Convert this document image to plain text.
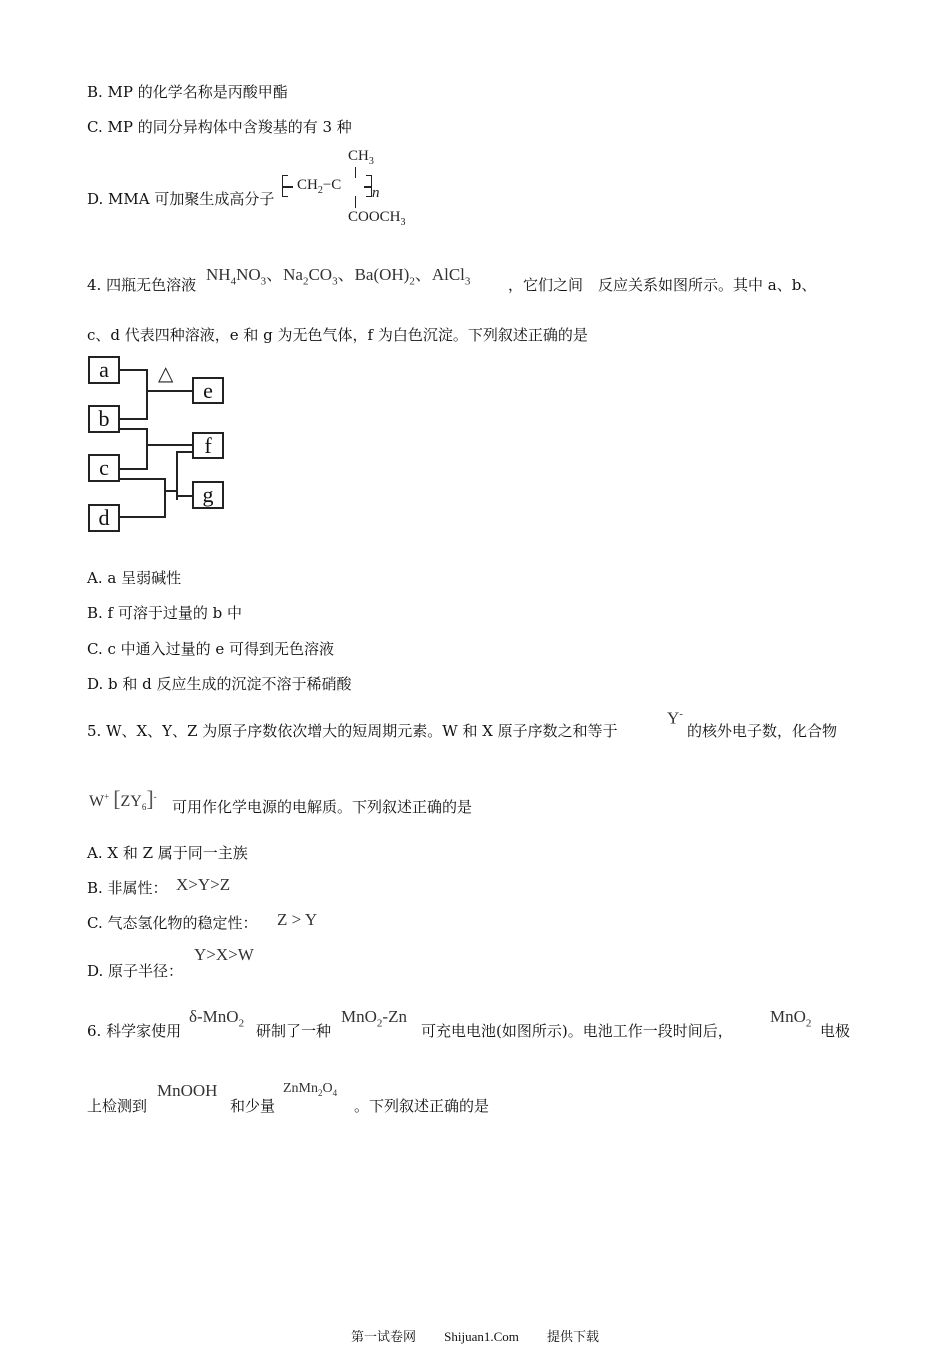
B. MP 的化学名称是丙酸甲酯
C. MP 的同分异构体中含羧基的有 3 种
D. MMA 可加聚生成高分子
$CH_3$
$CH_2-C$ n
$COOCH_3$
4. 四瓶无色溶液
$NH_4NO_3$、$Na_2CO_3$、$Ba(OH)_2$、AlCl$_3$	，它们之间　反应关系如图所示。其中 a、b、
c、d 代表四种溶液，e 和 g 为无色气体，f 为白色沉淀。下列叙述正确的是
a
b
c
d
e
f
g
△
A. a 呈弱碱性
B. f 可溶于过量的 b 中
C. c 中通入过量的 e 可得到无色溶液
D. b 和 d 反应生成的沉淀不溶于稀硝酸
5. W、X、Y、Z 为原子序数依次增大的短周期元素。W 和 X 原子序数之和等于
Y-
的核外电子数，化合物
W+ $[ZY_6]^-$
可用作化学电源的电解质。下列叙述正确的是
A. X 和 Z 属于同一主族
B. 非属性： X>Y>Z
C. 气态氢化物的稳定性： Z > Y
D. 原子半径：
Y>X>W
6. 科学家使用
δ-MnO$_2$ 研制了一种
MnO$_2$-Zn
可充电电池(如图所示)。电池工作一段时间后，
MnO$_2$ 电极
上检测到
MnOOH
和少量
$ZnMn_2O_4$
。下列叙述正确的是
第一试卷网 Shijuan1.Com 提供下载
